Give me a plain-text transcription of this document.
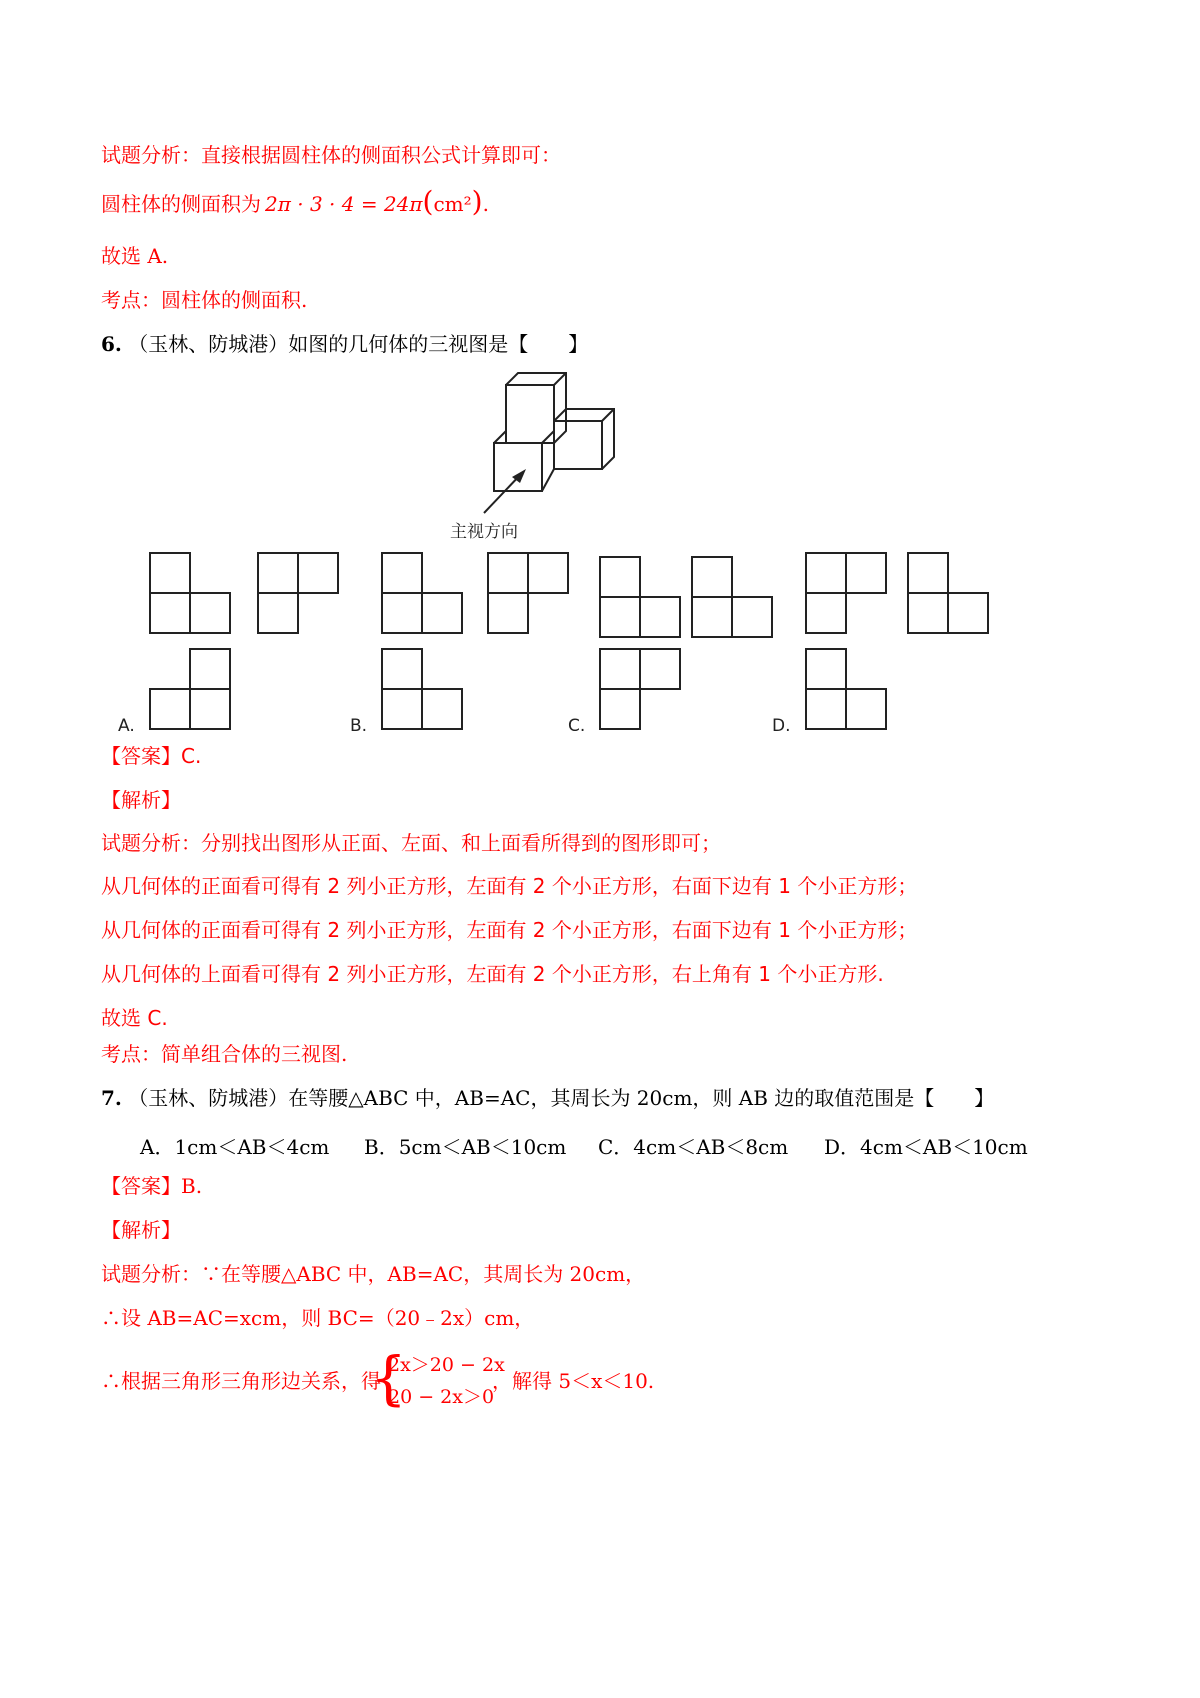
试题分析：直接根据圆柱体的侧面积公式计算即可：
圆柱体的侧面积为 2π · 3 · 4 = 24π(cm²).
故选 A.
考点：圆柱体的侧面积.
6. （玉林、防城港）如图的几何体的三视图是【　　】
主视方向
A.	B.	C.	D.
【答案】C.
【解析】
试题分析：分别找出图形从正面、左面、和上面看所得到的图形即可；
从几何体的正面看可得有 2 列小正方形，左面有 2 个小正方形，右面下边有 1 个小正方形；
从几何体的正面看可得有 2 列小正方形，左面有 2 个小正方形，右面下边有 1 个小正方形；
从几何体的上面看可得有 2 列小正方形，左面有 2 个小正方形，右上角有 1 个小正方形.
故选 C.
考点：简单组合体的三视图.
7. （玉林、防城港）在等腰△ABC 中，AB=AC，其周长为 20cm，则 AB 边的取值范围是【　　】
A．1cm＜AB＜4cm B．5cm＜AB＜10cm C．4cm＜AB＜8cm D．4cm＜AB＜10cm
【答案】B.
【解析】
试题分析：∵在等腰△ABC 中，AB=AC，其周长为 20cm，
∴设 AB=AC=xcm，则 BC=（20﹣2x）cm，
∴根据三角形三角形边关系，得
{
2x＞20 − 2x
20 − 2x＞0
，解得 5＜x＜10.
